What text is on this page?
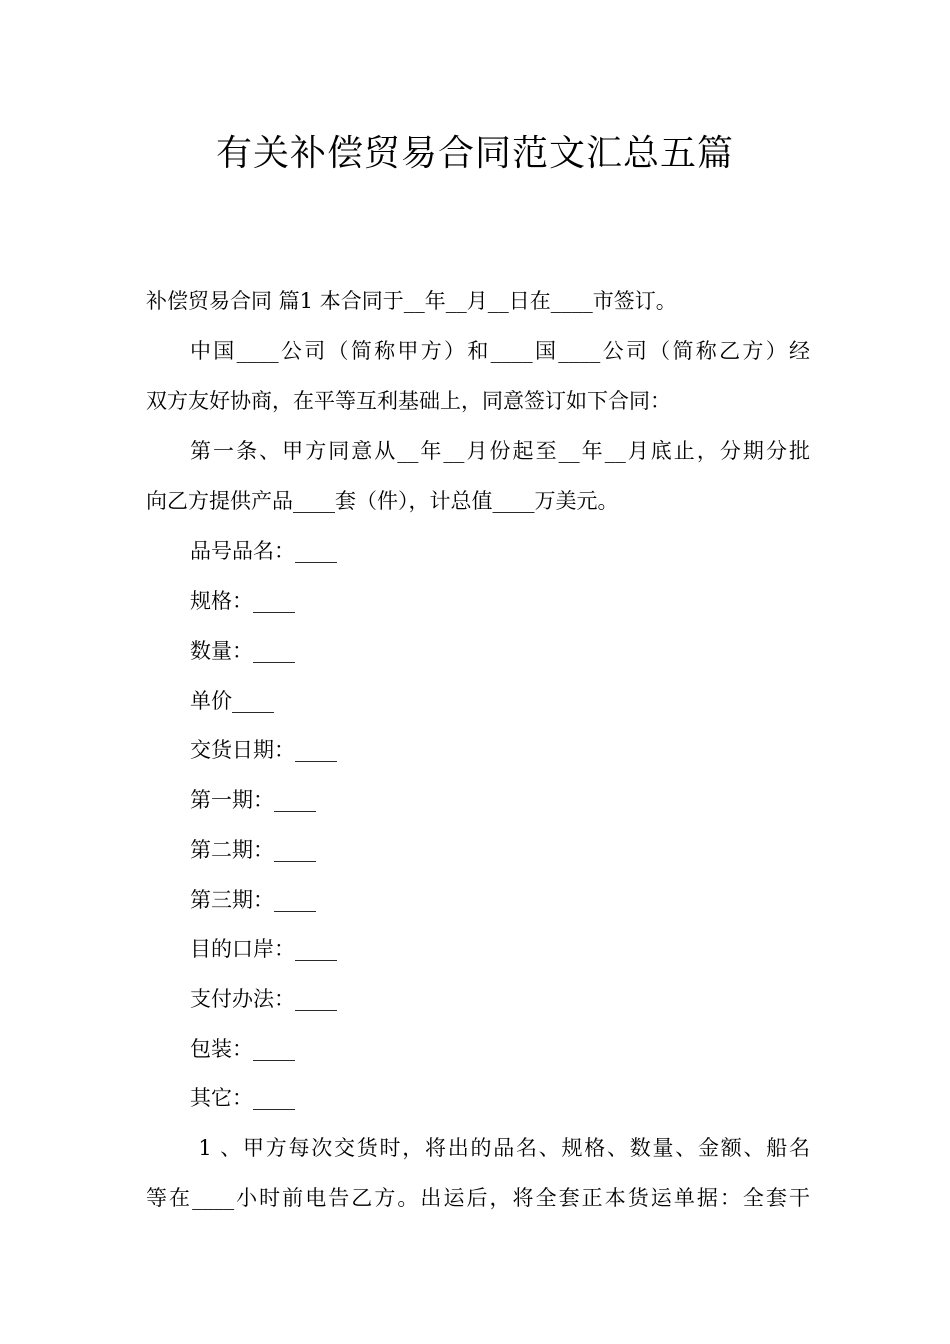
有关补偿贸易合同范文汇总五篇
补偿贸易合同 篇1 本合同于__年__月__日在____市签订。
中国____公司（简称甲方）和____国____公司（简称乙方）经
双方友好协商，在平等互利基础上，同意签订如下合同：
第一条、甲方同意从__年__月份起至__年__月底止，分期分批
向乙方提供产品____套（件），计总值____万美元。
品号品名：____
规格：____
数量：____
单价____
交货日期：____
第一期：____
第二期：____
第三期：____
目的口岸：____
支付办法：____
包装：____
其它：____
1 、甲方每次交货时，将出的品名、规格、数量、金额、船名
等在____小时前电告乙方。出运后，将全套正本货运单据：全套干
